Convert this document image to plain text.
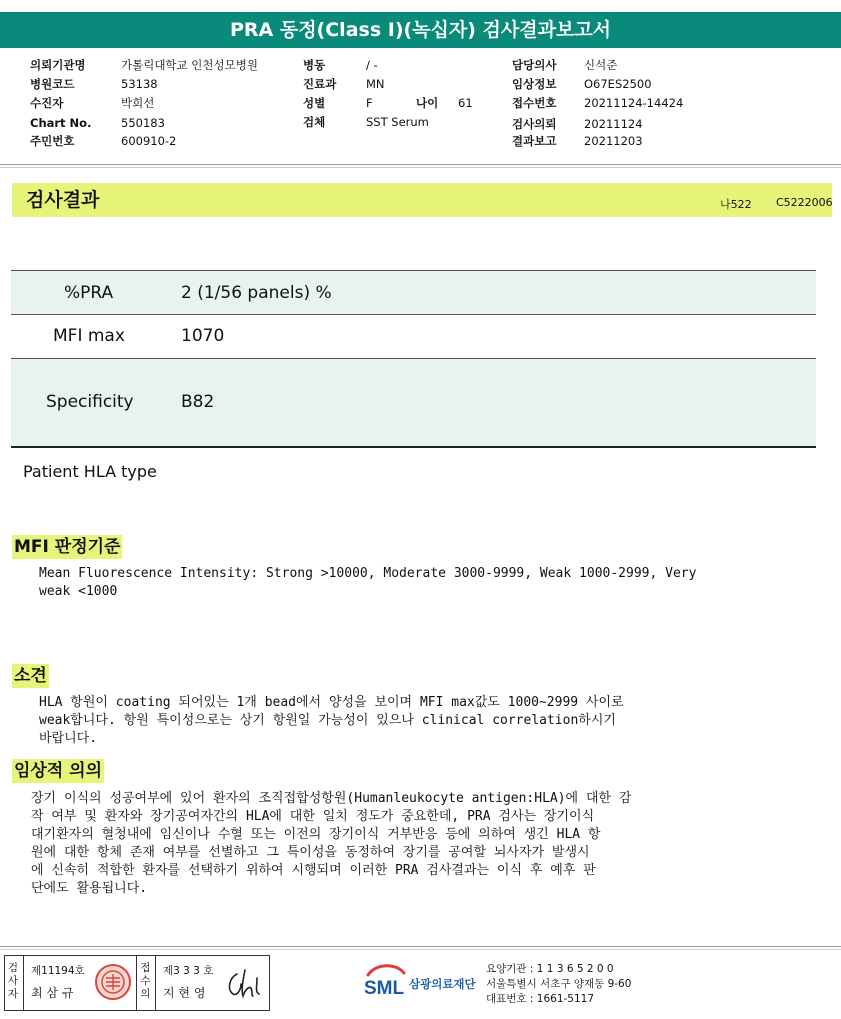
PRA 동정(Class I)(녹십자) 검사결과보고서
의뢰기관명	가톨릭대학교 인천성모병원
병원코드	53138
수진자	박희선
Chart No.	550183
주민번호	600910-2
병동	/ -
진료과	MN
성별	F	나이 61
검체	SST Serum
담당의사 신석준
임상정보 O67ES2500
접수번호 20211124-14424
검사의뢰 20211124
결과보고 20211203
검사결과	나522 C5222006
%PRA	2 (1/56 panels) %
MFI max	1070
Specificity	B82
Patient HLA type
MFI 판정기준
Mean Fluorescence Intensity: Strong >10000, Moderate 3000-9999, Weak 1000-2999, Very
weak <1000
소견
HLA 항원이 coating 되어있는 1개 bead에서 양성을 보이며 MFI max값도 1000~2999 사이로
weak합니다. 항원 특이성으로는 상기 항원일 가능성이 있으나 clinical correlation하시기
바랍니다.
임상적 의의
장기 이식의 성공여부에 있어 환자의 조직접합성항원(Humanleukocyte antigen:HLA)에 대한 감
작 여부 및 환자와 장기공여자간의 HLA에 대한 일치 정도가 중요한데, PRA 검사는 장기이식
대기환자의 혈청내에 임신이나 수혈 또는 이전의 장기이식 거부반응 등에 의하여 생긴 HLA 항
원에 대한 항체 존재 여부를 선별하고 그 특이성을 동정하여 장기를 공여할 뇌사자가 발생시
에 신속히 적합한 환자를 선택하기 위하여 시행되며 이러한 PRA 검사결과는 이식 후 예후 판
단에도 활용됩니다.
검사자
제11194호
최 삼 규
접수의
제3 3 3 호
지 현 영	SML 삼광의료재단
요양기관 : 1 1 3 6 5 2 0 0
서울특별시 서초구 양재동 9-60
대표번호 : 1661-5117
